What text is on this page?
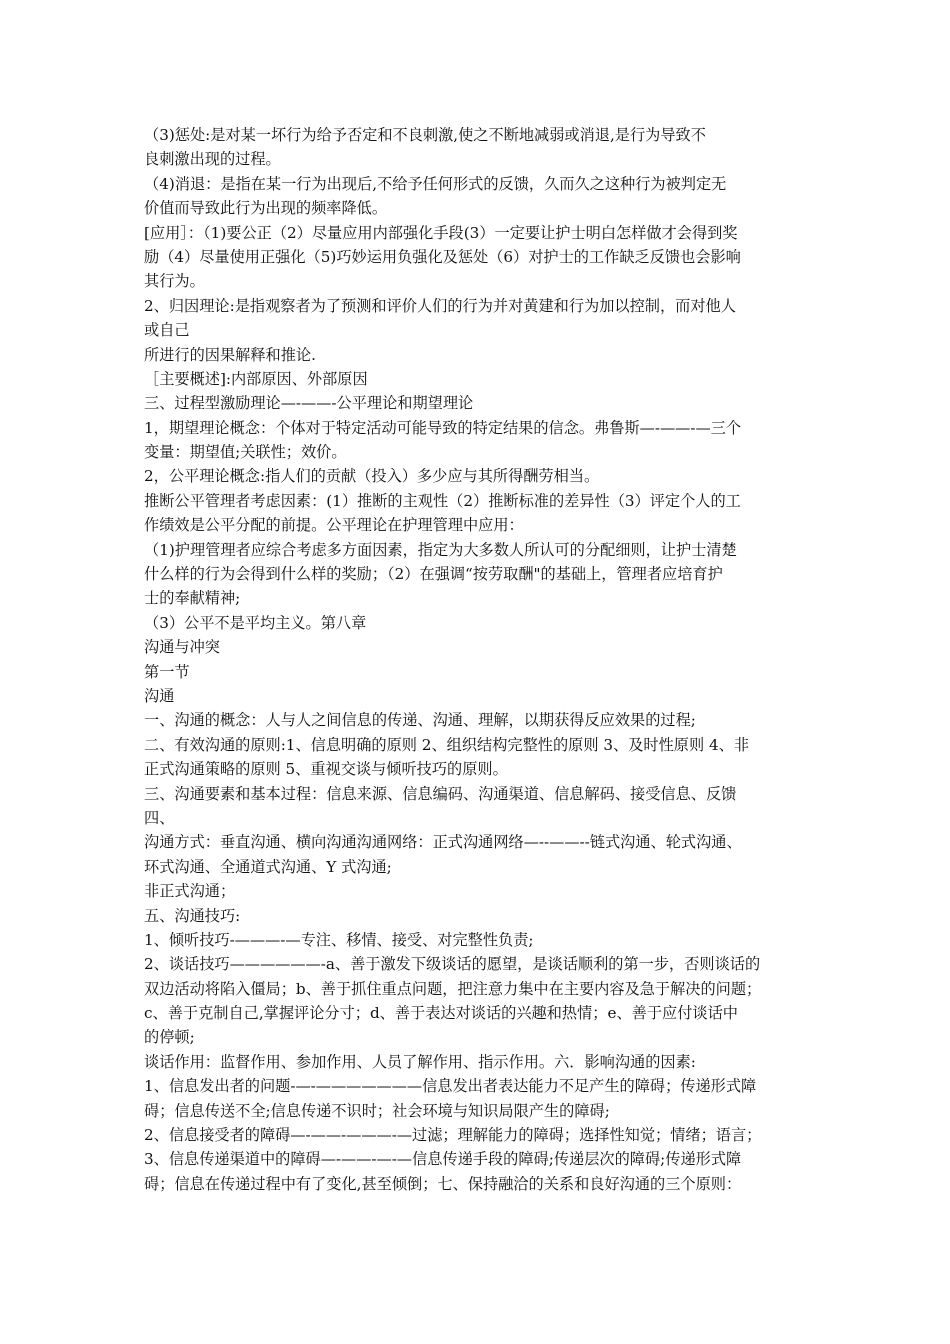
（3)惩处:是对某一坏行为给予否定和不良刺激,使之不断地减弱或消退,是行为导致不
良刺激出现的过程。
（4)消退：是指在某一行为出现后,不给予任何形式的反馈，久而久之这种行为被判定无
价值而导致此行为出现的频率降低。
[应用］：（1)要公正（2）尽量应用内部强化手段(3）一定要让护士明白怎样做才会得到奖
励（4）尽量使用正强化（5)巧妙运用负强化及惩处（6）对护士的工作缺乏反馈也会影响
其行为。
2、归因理论:是指观察者为了预测和评价人们的行为并对黄建和行为加以控制，而对他人
或自己
所进行的因果解释和推论.
［主要概述]:内部原因、外部原因
三、过程型激励理论—-——-公平理论和期望理论
1，期望理论概念：个体对于特定活动可能导致的特定结果的信念。弗鲁斯—-——-—三个
变量：期望值;关联性；效价。
2，公平理论概念:指人们的贡献（投入）多少应与其所得酬劳相当。
推断公平管理者考虑因素：(1）推断的主观性（2）推断标准的差异性（3）评定个人的工
作绩效是公平分配的前提。公平理论在护理管理中应用：
（1)护理管理者应综合考虑多方面因素，指定为大多数人所认可的分配细则，让护士清楚
什么样的行为会得到什么样的奖励；（2）在强调“按劳取酬"的基础上，管理者应培育护
士的奉献精神;
（3）公平不是平均主义。第八章
沟通与冲突
第一节
沟通
一、沟通的概念：人与人之间信息的传递、沟通、理解，以期获得反应效果的过程;
二、有效沟通的原则:1、信息明确的原则 2、组织结构完整性的原则 3、及时性原则 4、非
正式沟通策略的原则 5、重视交谈与倾听技巧的原则。
三、沟通要素和基本过程：信息来源、信息编码、沟通渠道、信息解码、接受信息、反馈
四、
沟通方式：垂直沟通、横向沟通沟通网络：正式沟通网络—--——--链式沟通、轮式沟通、
环式沟通、全通道式沟通、Y 式沟通;
非正式沟通；
五、沟通技巧:
1、倾听技巧-———-—专注、移情、接受、对完整性负责;
2、谈话技巧——————-a、善于激发下级谈话的愿望，是谈话顺利的第一步，否则谈话的
双边活动将陷入僵局；b、善于抓住重点问题，把注意力集中在主要内容及急于解决的问题；
c、善于克制自己,掌握评论分寸；d、善于表达对谈话的兴趣和热情；e、善于应付谈话中
的停顿;
谈话作用：监督作用、参加作用、人员了解作用、指示作用。六．影响沟通的因素:
1、信息发出者的问题-—-———————信息发出者表达能力不足产生的障碍；传递形式障
碍；信息传送不全;信息传递不识时；社会环境与知识局限产生的障碍;
2、信息接受者的障碍—-——-———-—过滤；理解能力的障碍；选择性知觉；情绪；语言；
3、信息传递渠道中的障碍—-——-—-—信息传递手段的障碍;传递层次的障碍;传递形式障
碍；信息在传递过程中有了变化,甚至倾倒；七、保持融洽的关系和良好沟通的三个原则：
